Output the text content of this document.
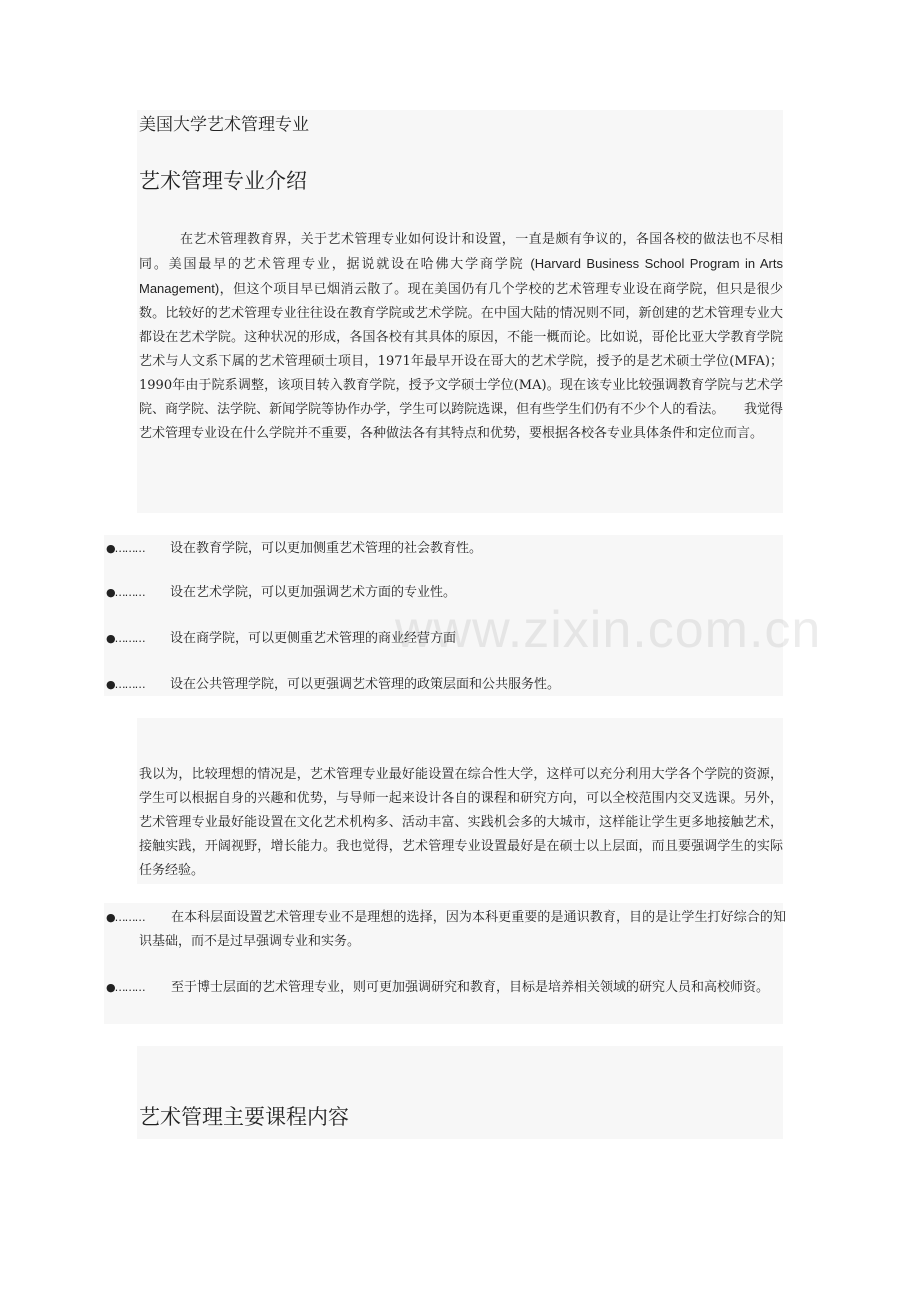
美国大学艺术管理专业
艺术管理专业介绍

在艺术管理教育界，关于艺术管理专业如何设计和设置，一直是颇有争议的，各国各校的做法也不尽相同。美国最早的艺术管理专业，据说就设在哈佛大学商学院 (Harvard Business School Program in Arts Management)，但这个项目早已烟消云散了。现在美国仍有几个学校的艺术管理专业设在商学院，但只是很少数。比较好的艺术管理专业往往设在教育学院或艺术学院。在中国大陆的情况则不同，新创建的艺术管理专业大都设在艺术学院。这种状况的形成，各国各校有其具体的原因，不能一概而论。比如说，哥伦比亚大学教育学院艺术与人文系下属的艺术管理硕士项目，1971年最早开设在哥大的艺术学院，授予的是艺术硕士学位(MFA)；1990年由于院系调整，该项目转入教育学院，授予文学硕士学位(MA)。现在该专业比较强调教育学院与艺术学院、商学院、法学院、新闻学院等协作办学，学生可以跨院选课，但有些学生们仍有不少个人的看法。　　我觉得艺术管理专业设在什么学院并不重要，各种做法各有其特点和优势，要根据各校各专业具体条件和定位而言。

●……… 设在教育学院，可以更加侧重艺术管理的社会教育性。
●……… 设在艺术学院，可以更加强调艺术方面的专业性。
●……… 设在商学院，可以更侧重艺术管理的商业经营方面
●……… 设在公共管理学院，可以更强调艺术管理的政策层面和公共服务性。

我以为，比较理想的情况是，艺术管理专业最好能设置在综合性大学，这样可以充分利用大学各个学院的资源，学生可以根据自身的兴趣和优势，与导师一起来设计各自的课程和研究方向，可以全校范围内交叉选课。另外，艺术管理专业最好能设置在文化艺术机构多、活动丰富、实践机会多的大城市，这样能让学生更多地接触艺术，接触实践，开阔视野，增长能力。我也觉得，艺术管理专业设置最好是在硕士以上层面，而且要强调学生的实际任务经验。

●………	在本科层面设置艺术管理专业不是理想的选择，因为本科更重要的是通识教育，目的是让学生打好综合的知识基础，而不是过早强调专业和实务。

●………	至于博士层面的艺术管理专业，则可更加强调研究和教育，目标是培养相关领域的研究人员和高校师资。

艺术管理主要课程内容
